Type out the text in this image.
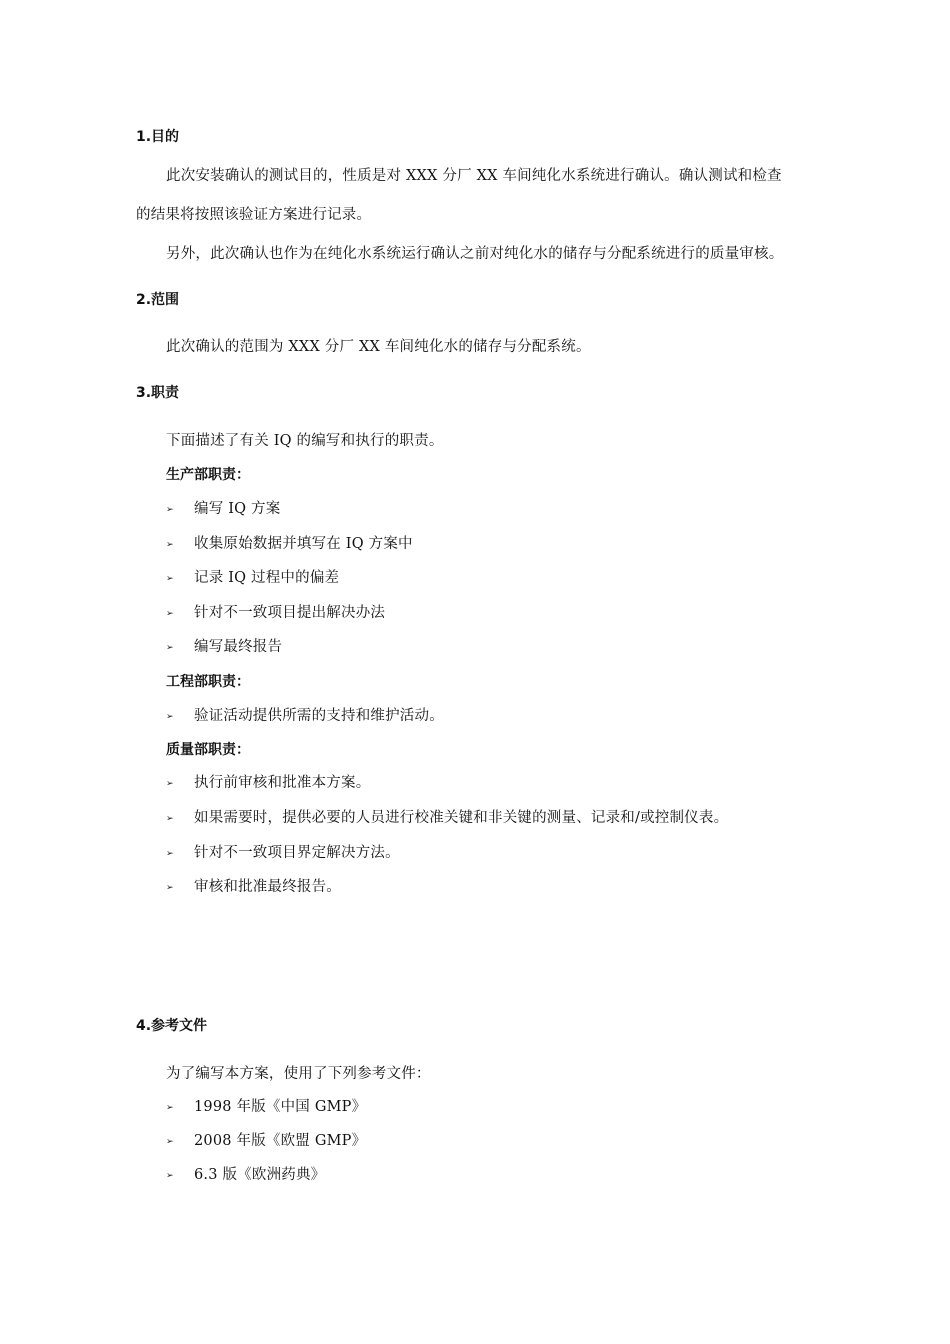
1.目的
此次安装确认的测试目的，性质是对 XXX 分厂 XX 车间纯化水系统进行确认。确认测试和检查
的结果将按照该验证方案进行记录。
另外，此次确认也作为在纯化水系统运行确认之前对纯化水的储存与分配系统进行的质量审核。
2.范围
此次确认的范围为 XXX 分厂 XX 车间纯化水的储存与分配系统。
3.职责
下面描述了有关 IQ 的编写和执行的职责。
生产部职责：
➢ 编写 IQ 方案
➢ 收集原始数据并填写在 IQ 方案中
➢ 记录 IQ 过程中的偏差
➢ 针对不一致项目提出解决办法
➢ 编写最终报告
工程部职责：
➢ 验证活动提供所需的支持和维护活动。
质量部职责：
➢ 执行前审核和批准本方案。
➢ 如果需要时，提供必要的人员进行校准关键和非关键的测量、记录和/或控制仪表。
➢ 针对不一致项目界定解决方法。
➢ 审核和批准最终报告。
4.参考文件
为了编写本方案，使用了下列参考文件：
➢ 1998 年版《中国 GMP》
➢ 2008 年版《欧盟 GMP》
➢ 6.3 版《欧洲药典》
